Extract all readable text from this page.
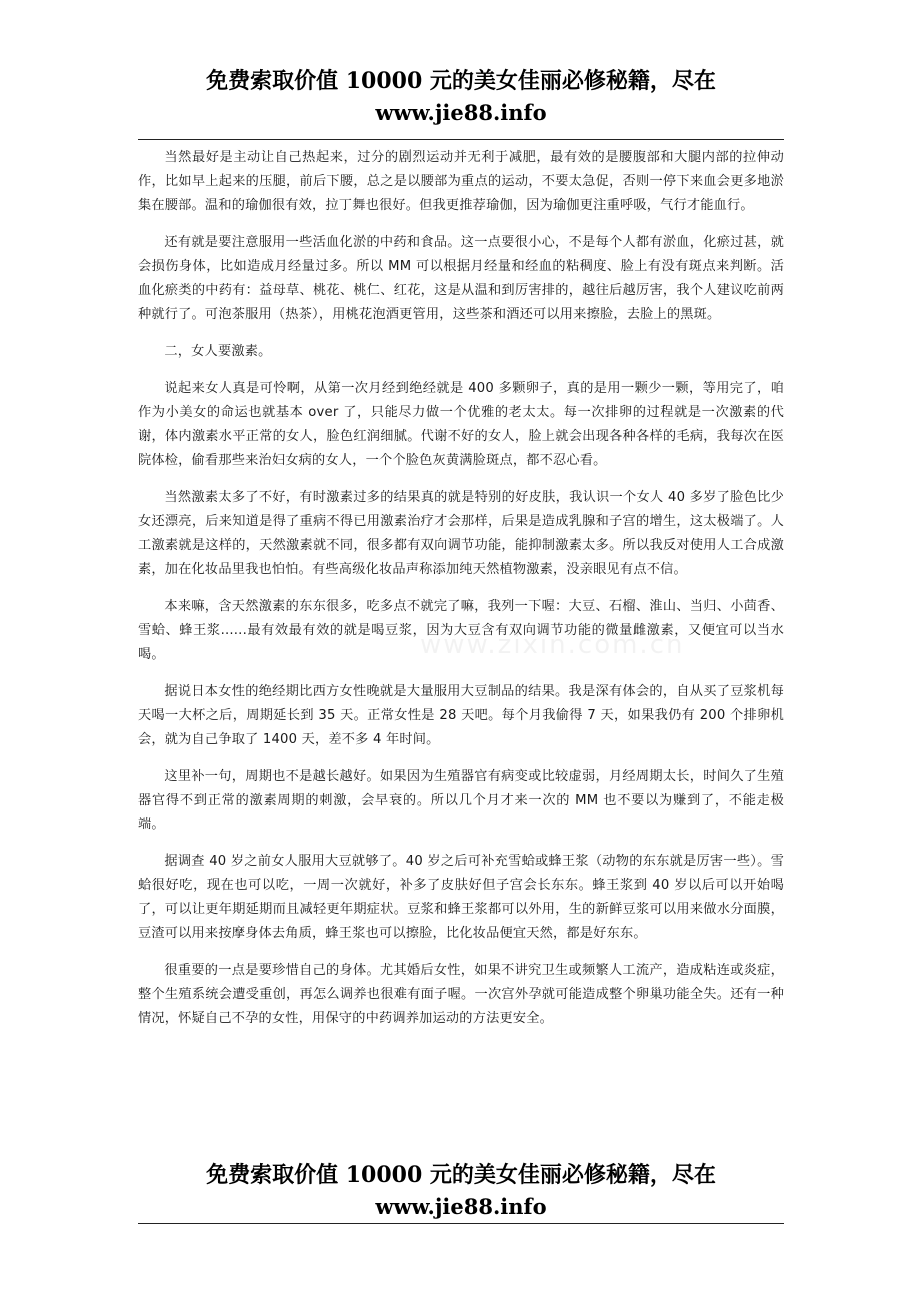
免费索取价值 10000 元的美女佳丽必修秘籍，尽在
www.jie88.info

当然最好是主动让自己热起来，过分的剧烈运动并无利于减肥，最有效的是腰腹部和大腿内部的拉伸动作，比如早上起来的压腿，前后下腰，总之是以腰部为重点的运动，不要太急促，否则一停下来血会更多地淤集在腰部。温和的瑜伽很有效，拉丁舞也很好。但我更推荐瑜伽，因为瑜伽更注重呼吸，气行才能血行。

还有就是要注意服用一些活血化淤的中药和食品。这一点要很小心，不是每个人都有淤血，化瘀过甚，就会损伤身体，比如造成月经量过多。所以 MM 可以根据月经量和经血的粘稠度、脸上有没有斑点来判断。活血化瘀类的中药有：益母草、桃花、桃仁、红花，这是从温和到厉害排的，越往后越厉害，我个人建议吃前两种就行了。可泡茶服用（热茶），用桃花泡酒更管用，这些茶和酒还可以用来擦脸，去脸上的黑斑。

二，女人要激素。

说起来女人真是可怜啊，从第一次月经到绝经就是 400 多颗卵子，真的是用一颗少一颗，等用完了，咱作为小美女的命运也就基本 over 了，只能尽力做一个优雅的老太太。每一次排卵的过程就是一次激素的代谢，体内激素水平正常的女人，脸色红润细腻。代谢不好的女人，脸上就会出现各种各样的毛病，我每次在医院体检，偷看那些来治妇女病的女人，一个个脸色灰黄满脸斑点，都不忍心看。

当然激素太多了不好，有时激素过多的结果真的就是特别的好皮肤，我认识一个女人 40 多岁了脸色比少女还漂亮，后来知道是得了重病不得已用激素治疗才会那样，后果是造成乳腺和子宫的增生，这太极端了。人工激素就是这样的，天然激素就不同，很多都有双向调节功能，能抑制激素太多。所以我反对使用人工合成激素，加在化妆品里我也怕怕。有些高级化妆品声称添加纯天然植物激素，没亲眼见有点不信。

本来嘛，含天然激素的东东很多，吃多点不就完了嘛，我列一下喔：大豆、石榴、淮山、当归、小茴香、雪蛤、蜂王浆......最有效最有效的就是喝豆浆，因为大豆含有双向调节功能的微量雌激素，又便宜可以当水喝。

据说日本女性的绝经期比西方女性晚就是大量服用大豆制品的结果。我是深有体会的，自从买了豆浆机每天喝一大杯之后，周期延长到 35 天。正常女性是 28 天吧。每个月我偷得 7 天，如果我仍有 200 个排卵机会，就为自己争取了 1400 天，差不多 4 年时间。

这里补一句，周期也不是越长越好。如果因为生殖器官有病变或比较虚弱，月经周期太长，时间久了生殖器官得不到正常的激素周期的刺激，会早衰的。所以几个月才来一次的 MM 也不要以为赚到了，不能走极端。

据调查 40 岁之前女人服用大豆就够了。40 岁之后可补充雪蛤或蜂王浆（动物的东东就是厉害一些）。雪蛤很好吃，现在也可以吃，一周一次就好，补多了皮肤好但子宫会长东东。蜂王浆到 40 岁以后可以开始喝了，可以让更年期延期而且减轻更年期症状。豆浆和蜂王浆都可以外用，生的新鲜豆浆可以用来做水分面膜，豆渣可以用来按摩身体去角质，蜂王浆也可以擦脸，比化妆品便宜天然，都是好东东。

很重要的一点是要珍惜自己的身体。尤其婚后女性，如果不讲究卫生或频繁人工流产，造成粘连或炎症，整个生殖系统会遭受重创，再怎么调养也很难有面子喔。一次宫外孕就可能造成整个卵巢功能全失。还有一种情况，怀疑自己不孕的女性，用保守的中药调养加运动的方法更安全。

www.zixin.com.cn
免费索取价值 10000 元的美女佳丽必修秘籍，尽在
www.jie88.info
